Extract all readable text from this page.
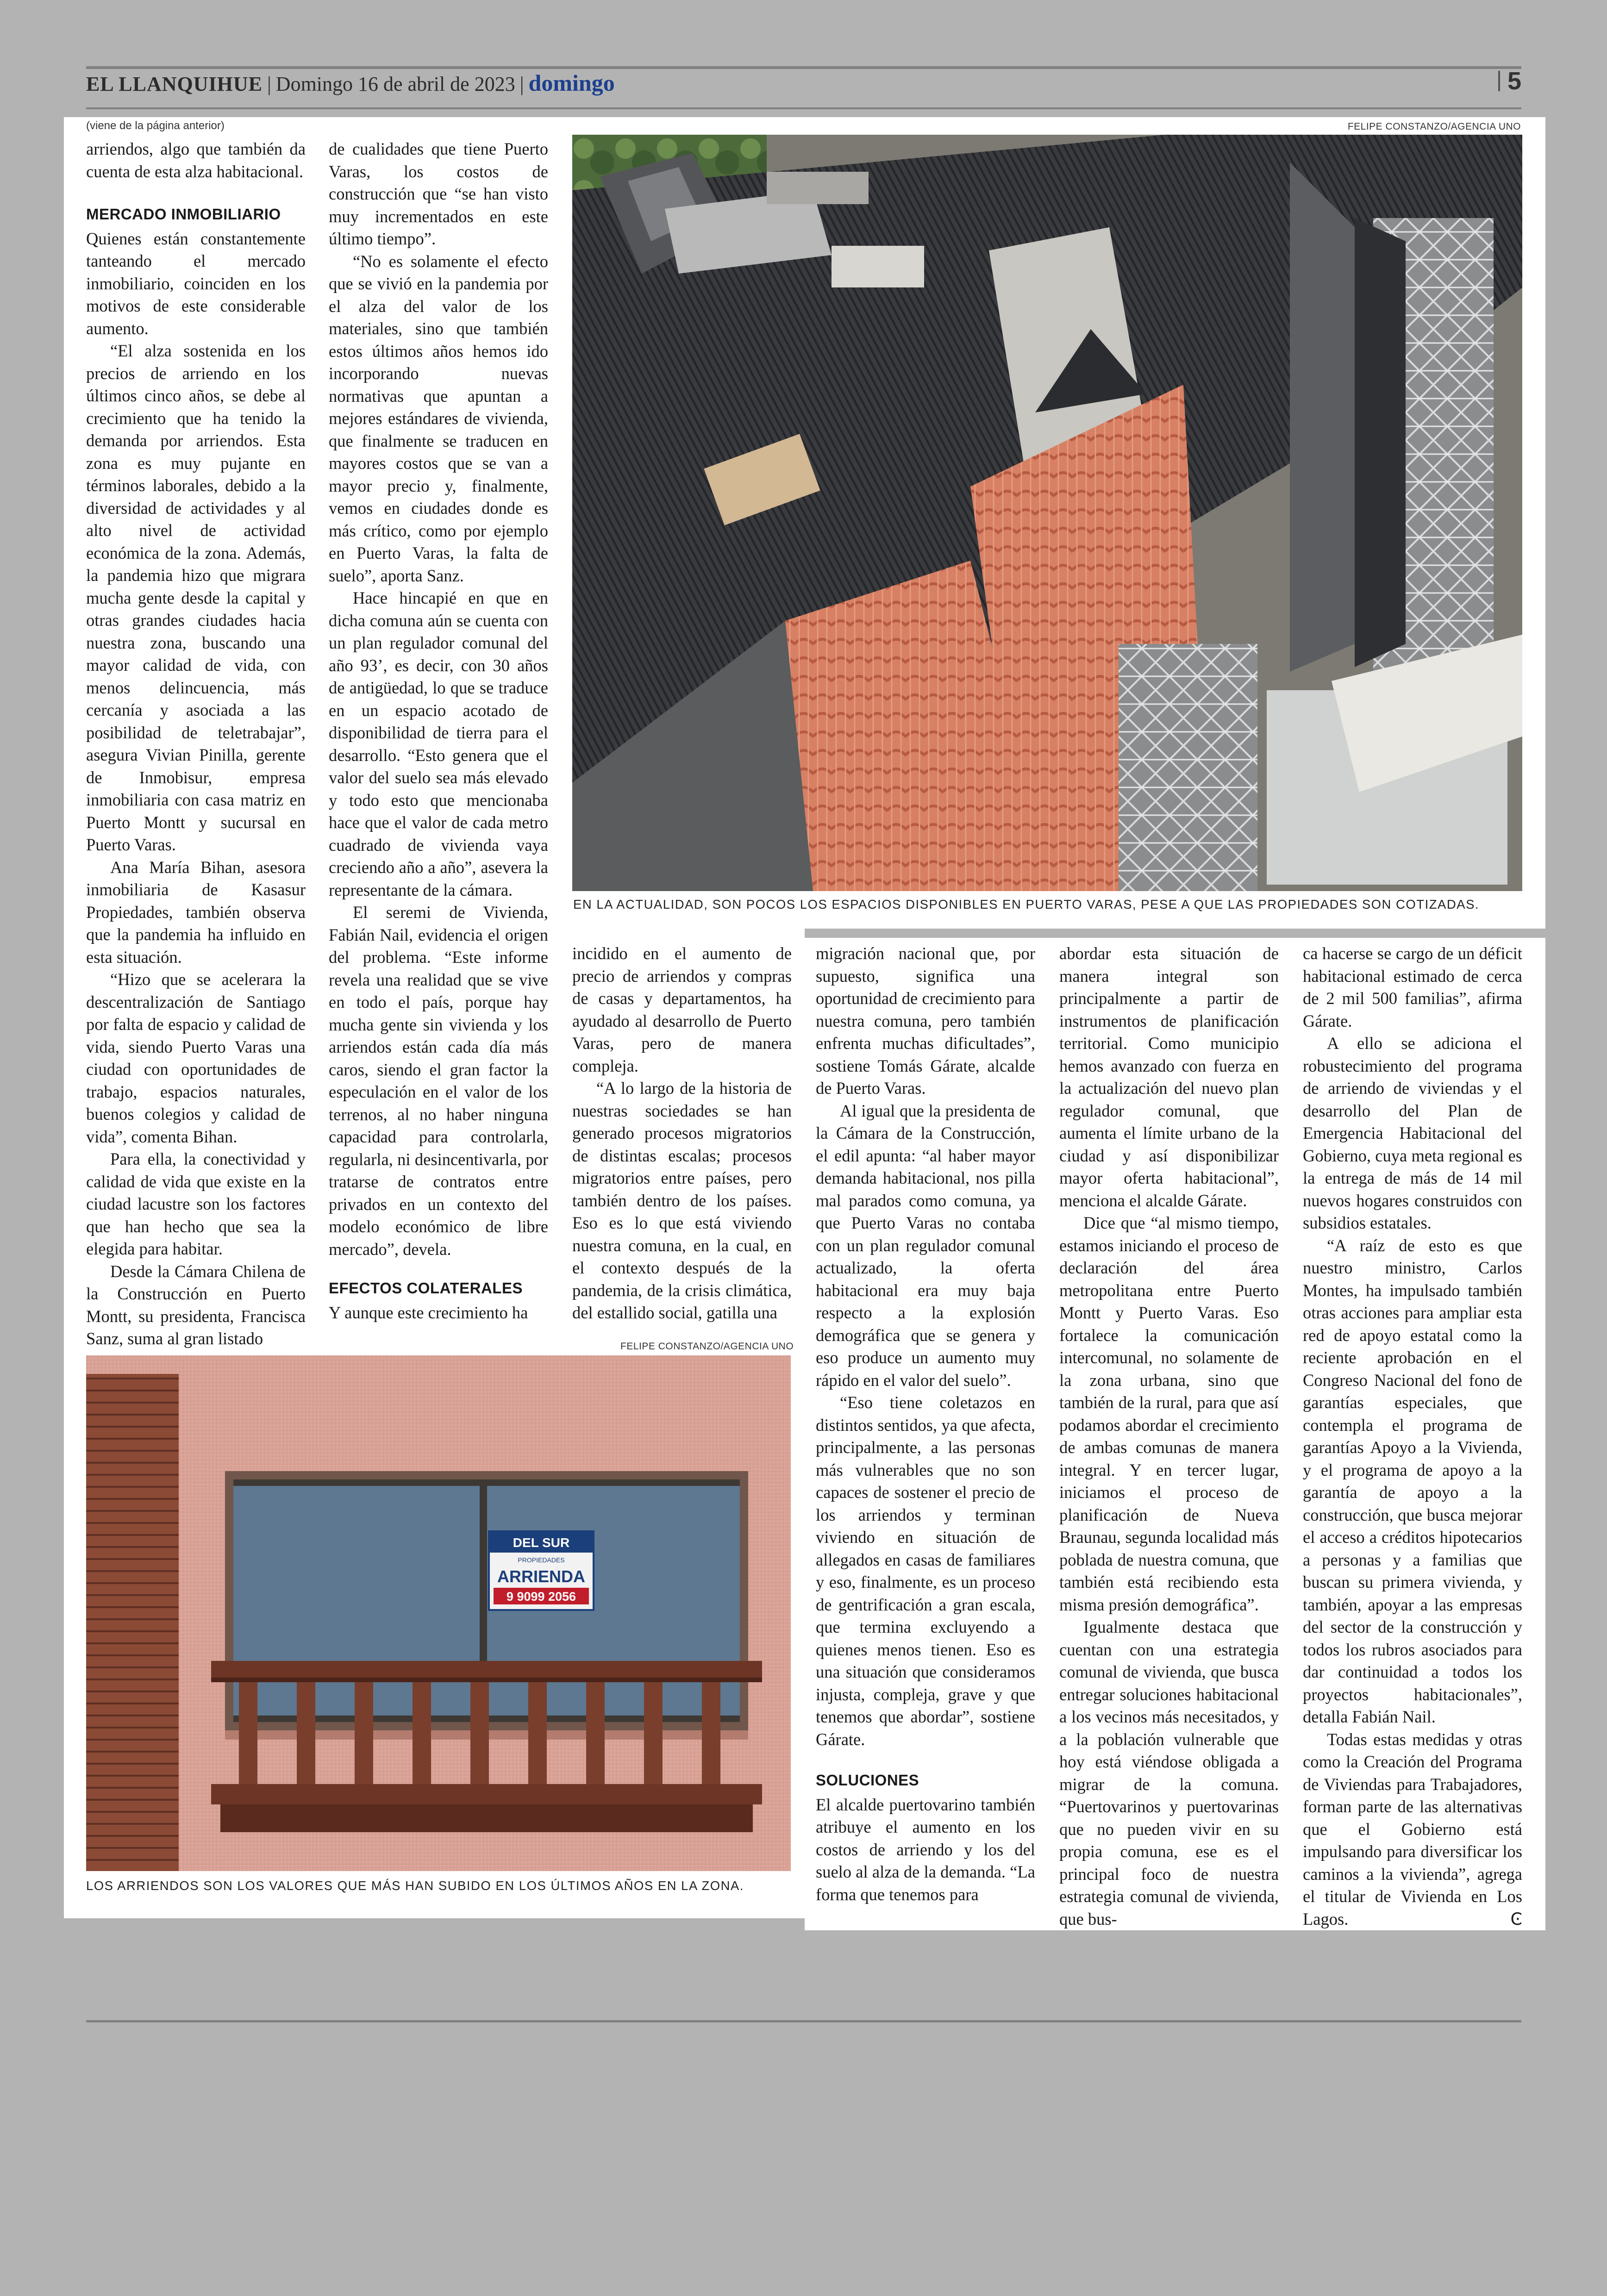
EL LLANQUIHUE | Domingo 16 de abril de 2023 | domingo	5
(viene de la página anterior)	FELIPE CONSTANZO/AGENCIA UNO
EN LA ACTUALIDAD, SON POCOS LOS ESPACIOS DISPONIBLES EN PUERTO VARAS, PESE A QUE LAS PROPIEDADES SON COTIZADAS.
FELIPE CONSTANZO/AGENCIA UNO
DEL SUR
PROPIEDADES
ARRIENDA
9 9099 2056
LOS ARRIENDOS SON LOS VALORES QUE MÁS HAN SUBIDO EN LOS ÚLTIMOS AÑOS EN LA ZONA.

arriendos, algo que también da cuenta de esta alza habitacional.

MERCADO INMOBILIARIO

Quienes están constantemente tanteando el mercado inmobiliario, coinciden en los motivos de este considerable aumento.

“El alza sostenida en los precios de arriendo en los últimos cinco años, se debe al crecimiento que ha tenido la demanda por arriendos. Esta zona es muy pujante en términos laborales, debido a la diversidad de actividades y al alto nivel de actividad económica de la zona. Además, la pandemia hizo que migrara mucha gente desde la capital y otras grandes ciudades hacia nuestra zona, buscando una mayor calidad de vida, con menos delincuencia, más cercanía y asociada a las posibilidad de teletrabajar”, asegura Vivian Pinilla, gerente de Inmobisur, empresa inmobiliaria con casa matriz en Puerto Montt y sucursal en Puerto Varas.

Ana María Bihan, asesora inmobiliaria de Kasasur Propiedades, también observa que la pandemia ha influido en esta situación.

“Hizo que se acelerara la descentralización de Santiago por falta de espacio y calidad de vida, siendo Puerto Varas una ciudad con oportunidades de trabajo, espacios naturales, buenos colegios y calidad de vida”, comenta Bihan.

Para ella, la conectividad y calidad de vida que existe en la ciudad lacustre son los factores que han hecho que sea la elegida para habitar.

Desde la Cámara Chilena de la Construcción en Puerto Montt, su presidenta, Francisca Sanz, suma al gran listado

de cualidades que tiene Puerto Varas, los costos de construcción que “se han visto muy incrementados en este último tiempo”.

“No es solamente el efecto que se vivió en la pandemia por el alza del valor de los materiales, sino que también estos últimos años hemos ido incorporando nuevas normativas que apuntan a mejores estándares de vivienda, que finalmente se traducen en mayores costos que se van a mayor precio y, finalmente, vemos en ciudades donde es más crítico, como por ejemplo en Puerto Varas, la falta de suelo”, aporta Sanz.

Hace hincapié en que en dicha comuna aún se cuenta con un plan regulador comunal del año 93’, es decir, con 30 años de antigüedad, lo que se traduce en un espacio acotado de disponibilidad de tierra para el desarrollo. “Esto genera que el valor del suelo sea más elevado y todo esto que mencionaba hace que el valor de cada metro cuadrado de vivienda vaya creciendo año a año”, asevera la representante de la cámara.

El seremi de Vivienda, Fabián Nail, evidencia el origen del problema. “Este informe revela una realidad que se vive en todo el país, porque hay mucha gente sin vivienda y los arriendos están cada día más caros, siendo el gran factor la especulación en el valor de los terrenos, al no haber ninguna capacidad para controlarla, regularla, ni desincentivarla, por tratarse de contratos entre privados en un contexto del modelo económico de libre mercado”, devela.

EFECTOS COLATERALES

Y aunque este crecimiento ha

incidido en el aumento de precio de arriendos y compras de casas y departamentos, ha ayudado al desarrollo de Puerto Varas, pero de manera compleja.

“A lo largo de la historia de nuestras sociedades se han generado procesos migratorios de distintas escalas; procesos migratorios entre países, pero también dentro de los países. Eso es lo que está viviendo nuestra comuna, en la cual, en el contexto después de la pandemia, de la crisis climática, del estallido social, gatilla una

migración nacional que, por supuesto, significa una oportunidad de crecimiento para nuestra comuna, pero también enfrenta muchas dificultades”, sostiene Tomás Gárate, alcalde de Puerto Varas.

Al igual que la presidenta de la Cámara de la Construcción, el edil apunta: “al haber mayor demanda habitacional, nos pilla mal parados como comuna, ya que Puerto Varas no contaba con un plan regulador comunal actualizado, la oferta habitacional era muy baja respecto a la explosión demográfica que se genera y eso produce un aumento muy rápido en el valor del suelo”.

“Eso tiene coletazos en distintos sentidos, ya que afecta, principalmente, a las personas más vulnerables que no son capaces de sostener el precio de los arriendos y terminan viviendo en situación de allegados en casas de familiares y eso, finalmente, es un proceso de gentrificación a gran escala, que termina excluyendo a quienes menos tienen. Eso es una situación que consideramos injusta, compleja, grave y que tenemos que abordar”, sostiene Gárate.

SOLUCIONES

El alcalde puertovarino también atribuye el aumento en los costos de arriendo y los del suelo al alza de la demanda. “La forma que tenemos para

abordar esta situación de manera integral son principalmente a partir de instrumentos de planificación territorial. Como municipio hemos avanzado con fuerza en la actualización del nuevo plan regulador comunal, que aumenta el límite urbano de la ciudad y así disponibilizar mayor oferta habitacional”, menciona el alcalde Gárate.

Dice que “al mismo tiempo, estamos iniciando el proceso de declaración del área metropolitana entre Puerto Montt y Puerto Varas. Eso fortalece la comunicación intercomunal, no solamente de la zona urbana, sino que también de la rural, para que así podamos abordar el crecimiento de ambas comunas de manera integral. Y en tercer lugar, iniciamos el proceso de planificación de Nueva Braunau, segunda localidad más poblada de nuestra comuna, que también está recibiendo esta misma presión demográfica”.

Igualmente destaca que cuentan con una estrategia comunal de vivienda, que busca entregar soluciones habitacional a los vecinos más necesitados, y a la población vulnerable que hoy está viéndose obligada a migrar de la comuna. “Puertovarinos y puertovarinas que no pueden vivir en su propia comuna, ese es el principal foco de nuestra estrategia comunal de vivienda, que bus-

ca hacerse se cargo de un déficit habitacional estimado de cerca de 2 mil 500 familias”, afirma Gárate.

A ello se adiciona el robustecimiento del programa de arriendo de viviendas y el desarrollo del Plan de Emergencia Habitacional del Gobierno, cuya meta regional es la entrega de más de 14 mil nuevos hogares construidos con subsidios estatales.

“A raíz de esto es que nuestro ministro, Carlos Montes, ha impulsado también otras acciones para ampliar esta red de apoyo estatal como la reciente aprobación en el Congreso Nacional del fono de garantías especiales, que contempla el programa de garantías Apoyo a la Vivienda, y el programa de apoyo a la garantía de apoyo a la construcción, que busca mejorar el acceso a créditos hipotecarios a personas y a familias que buscan su primera vivienda, y también, apoyar a las empresas del sector de la construcción y todos los rubros asociados para dar continuidad a todos los proyectos habitacionales”, detalla Fabián Nail.

Todas estas medidas y otras como la Creación del Programa de Viviendas para Trabajadores, forman parte de las alternativas que el Gobierno está impulsando para diversificar los caminos a la vivienda”, agrega el titular de Vivienda en Los Lagos.	Ͼ
